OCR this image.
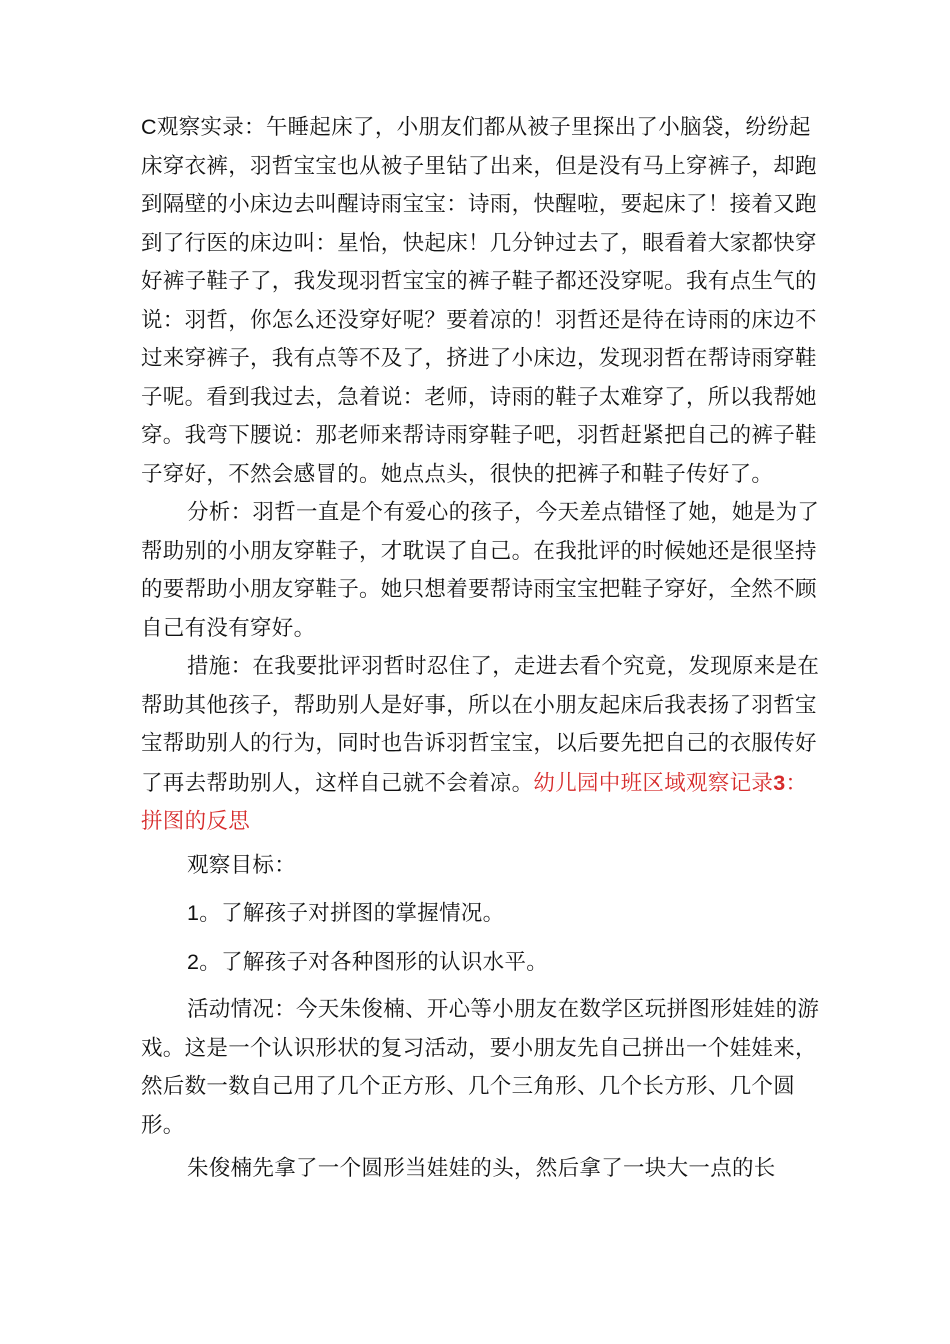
C观察实录：午睡起床了，小朋友们都从被子里探出了小脑袋，纷纷起床穿衣裤，羽哲宝宝也从被子里钻了出来，但是没有马上穿裤子，却跑到隔壁的小床边去叫醒诗雨宝宝：诗雨，快醒啦，要起床了！接着又跑到了行医的床边叫：星怡，快起床！几分钟过去了，眼看着大家都快穿好裤子鞋子了，我发现羽哲宝宝的裤子鞋子都还没穿呢。我有点生气的说：羽哲，你怎么还没穿好呢？要着凉的！羽哲还是待在诗雨的床边不过来穿裤子，我有点等不及了，挤进了小床边，发现羽哲在帮诗雨穿鞋子呢。看到我过去，急着说：老师，诗雨的鞋子太难穿了，所以我帮她穿。我弯下腰说：那老师来帮诗雨穿鞋子吧，羽哲赶紧把自己的裤子鞋子穿好，不然会感冒的。她点点头，很快的把裤子和鞋子传好了。

分析：羽哲一直是个有爱心的孩子，今天差点错怪了她，她是为了帮助别的小朋友穿鞋子，才耽误了自己。在我批评的时候她还是很坚持的要帮助小朋友穿鞋子。她只想着要帮诗雨宝宝把鞋子穿好，全然不顾自己有没有穿好。

措施：在我要批评羽哲时忍住了，走进去看个究竟，发现原来是在帮助其他孩子，帮助别人是好事，所以在小朋友起床后我表扬了羽哲宝宝帮助别人的行为，同时也告诉羽哲宝宝，以后要先把自己的衣服传好了再去帮助别人，这样自己就不会着凉。幼儿园中班区域观察记录3：拼图的反思

观察目标：

1。了解孩子对拼图的掌握情况。

2。了解孩子对各种图形的认识水平。

活动情况：今天朱俊楠、开心等小朋友在数学区玩拼图形娃娃的游戏。这是一个认识形状的复习活动，要小朋友先自己拼出一个娃娃来，然后数一数自己用了几个正方形、几个三角形、几个长方形、几个圆形。

朱俊楠先拿了一个圆形当娃娃的头，然后拿了一块大一点的长
